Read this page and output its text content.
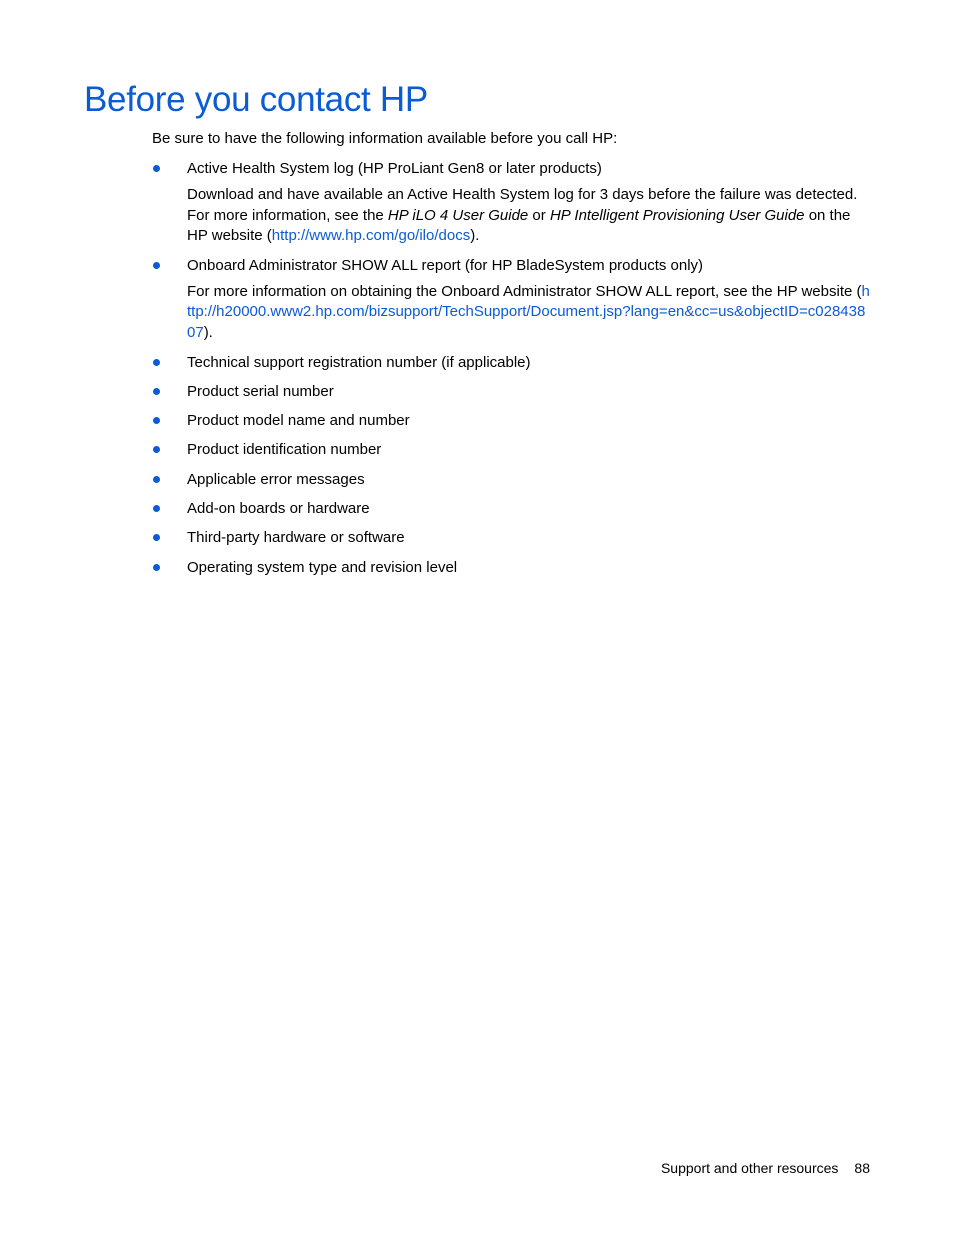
Before you contact HP

Be sure to have the following information available before you call HP:

Active Health System log (HP ProLiant Gen8 or later products)

Download and have available an Active Health System log for 3 days before the failure was detected. For more information, see the HP iLO 4 User Guide or HP Intelligent Provisioning User Guide on the HP website (http://www.hp.com/go/ilo/docs).

Onboard Administrator SHOW ALL report (for HP BladeSystem products only)

For more information on obtaining the Onboard Administrator SHOW ALL report, see the HP website (http://h20000.www2.hp.com/bizsupport/TechSupport/Document.jsp?lang=en&cc=us&objectID=c02843807).

Technical support registration number (if applicable)
Product serial number
Product model name and number
Product identification number
Applicable error messages
Add-on boards or hardware
Third-party hardware or software
Operating system type and revision level
Support and other resources 88
